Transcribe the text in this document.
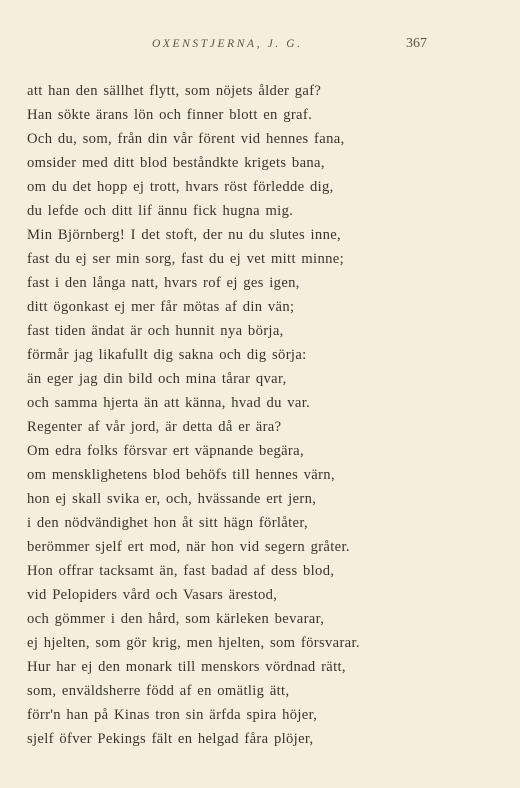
OXENSTJERNA, J. G.	367
att han den sällhet flytt, som nöjets ålder gaf?
Han sökte ärans lön och finner blott en graf.
Och du, som, från din vår förent vid hennes fana,
omsider med ditt blod beståndkte krigets bana,
om du det hopp ej trott, hvars röst förledde dig,
du lefde och ditt lif ännu fick hugna mig.
Min Björnberg! I det stoft, der nu du slutes inne,
fast du ej ser min sorg, fast du ej vet mitt minne;
fast i den långa natt, hvars rof ej ges igen,
ditt ögonkast ej mer får mötas af din vän;
fast tiden ändat är och hunnit nya börja,
förmår jag likafullt dig sakna och dig sörja:
än eger jag din bild och mina tårar qvar,
och samma hjerta än att känna, hvad du var.
Regenter af vår jord, är detta då er ära?
Om edra folks försvar ert väpnande begära,
om mensklighetens blod behöfs till hennes värn,
hon ej skall svika er, och, hvässande ert jern,
i den nödvändighet hon åt sitt hägn förlåter,
berömmer sjelf ert mod, när hon vid segern gråter.
Hon offrar tacksamt än, fast badad af dess blod,
vid Pelopiders vård och Vasars ärestod,
och gömmer i den hård, som kärleken bevarar,
ej hjelten, som gör krig, men hjelten, som försvarar.
Hur har ej den monark till menskors vördnad rätt,
som, enväldsherre född af en omätlig ätt,
förr'n han på Kinas tron sin ärfda spira höjer,
sjelf öfver Pekings fält en helgad fåra plöjer,
